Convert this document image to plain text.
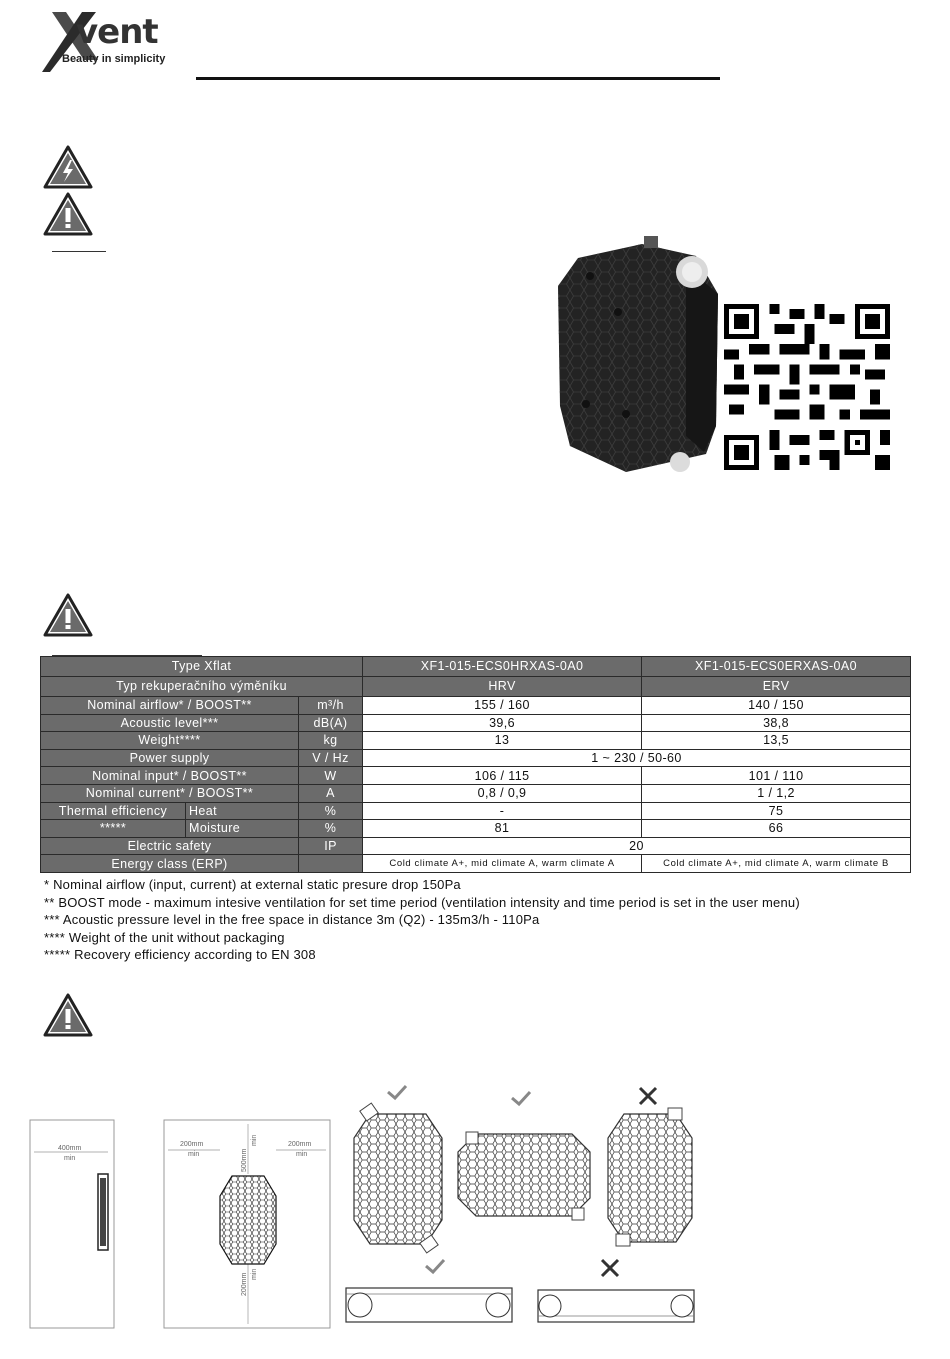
vent
Beauty in simplicity
Type Xflat			XF1-015-ECS0HRXAS-0A0	XF1-015-ECS0ERXAS-0A0
Typ rekuperačního výměníku			HRV	ERV
Nominal airflow* / BOOST**		m³/h	155 / 160	140 / 150
Acoustic level***		dB(A)	39,6	38,8
Weight****		kg	13	13,5
Power supply		V / Hz	1 ~ 230 / 50-60	
Nominal input* / BOOST**		W	106 / 115	101 / 110
Nominal current* / BOOST**		A	0,8 / 0,9	1 / 1,2
Thermal efficiency	Heat	%	-	75
*****	Moisture	%	81	66
Electric safety		IP	20	
Energy class (ERP)			Cold climate A+, mid climate A, warm climate A	Cold climate A+, mid climate A, warm climate B
* Nominal airflow (input, current) at external static presure drop 150Pa
** BOOST mode - maximum intesive ventilation for set time period (ventilation intensity and time period is set in the user menu)
*** Acoustic pressure level in the free space in distance 3m (Q2) - 135m3/h - 110Pa
**** Weight of the unit without packaging
***** Recovery efficiency according to EN 308
400mm
min
200mm
min
200mm
min
500mm
min
200mm min
